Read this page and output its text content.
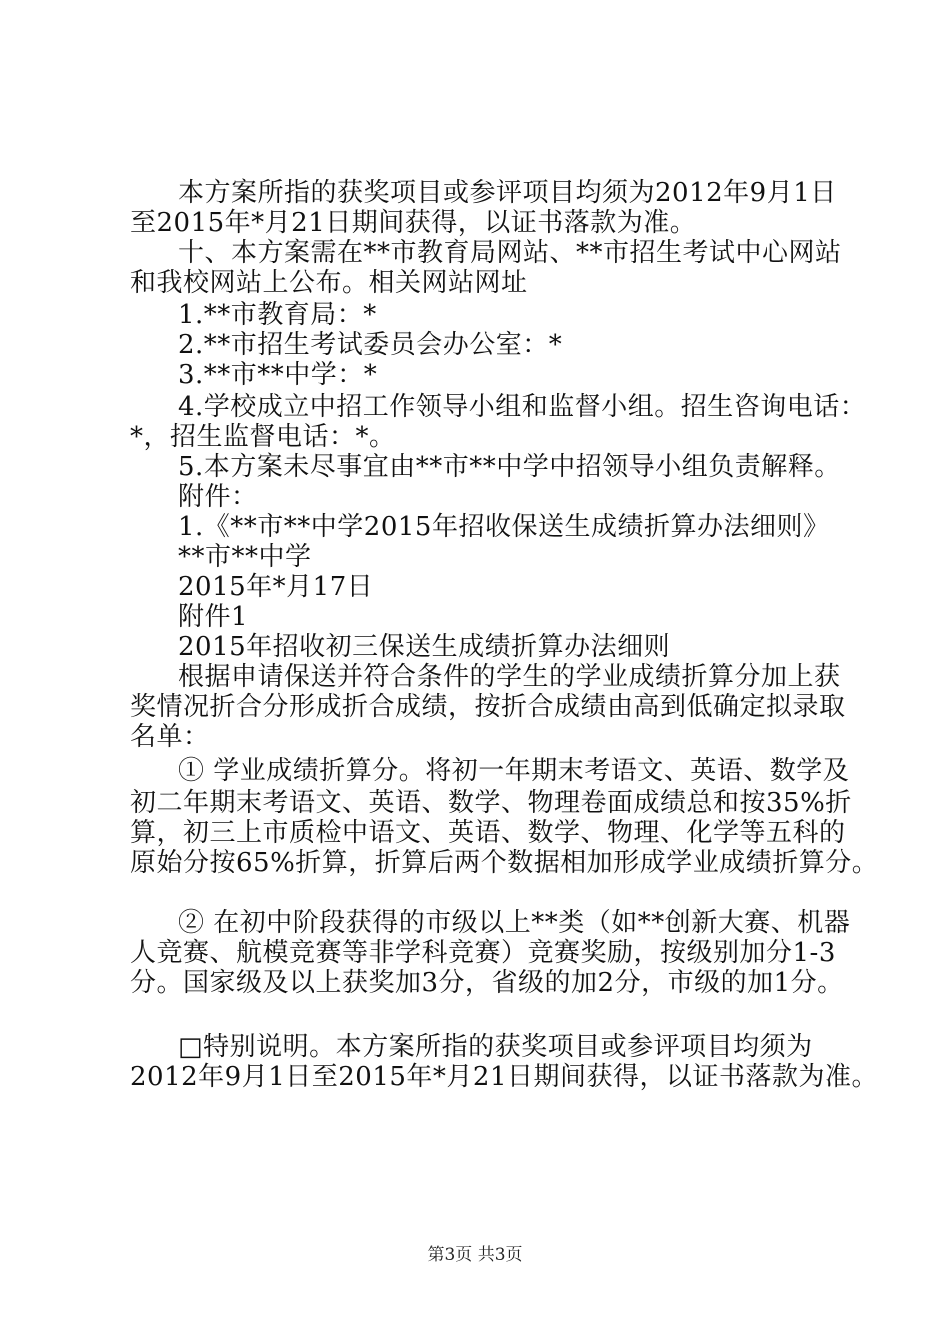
本方案所指的获奖项目或参评项目均须为2012年9月1日
至2015年*月21日期间获得，以证书落款为准。
十、本方案需在**市教育局网站、**市招生考试中心网站
和我校网站上公布。相关网站网址
1.**市教育局：*
2.**市招生考试委员会办公室：*
3.**市**中学：*
4.学校成立中招工作领导小组和监督小组。招生咨询电话：
*，招生监督电话：*。
5.本方案未尽事宜由**市**中学中招领导小组负责解释。
附件：
1.《**市**中学2015年招收保送生成绩折算办法细则》
**市**中学
2015年*月17日
附件1
2015年招收初三保送生成绩折算办法细则
根据申请保送并符合条件的学生的学业成绩折算分加上获
奖情况折合分形成折合成绩，按折合成绩由高到低确定拟录取
名单：
① 学业成绩折算分。将初一年期末考语文、英语、数学及
初二年期末考语文、英语、数学、物理卷面成绩总和按35%折
算，初三上市质检中语文、英语、数学、物理、化学等五科的
原始分按65%折算，折算后两个数据相加形成学业成绩折算分。
② 在初中阶段获得的市级以上**类（如**创新大赛、机器
人竞赛、航模竞赛等非学科竞赛）竞赛奖励，按级别加分1-3
分。国家级及以上获奖加3分，省级的加2分，市级的加1分。
□特别说明。本方案所指的获奖项目或参评项目均须为
2012年9月1日至2015年*月21日期间获得，以证书落款为准。
第3页 共3页
